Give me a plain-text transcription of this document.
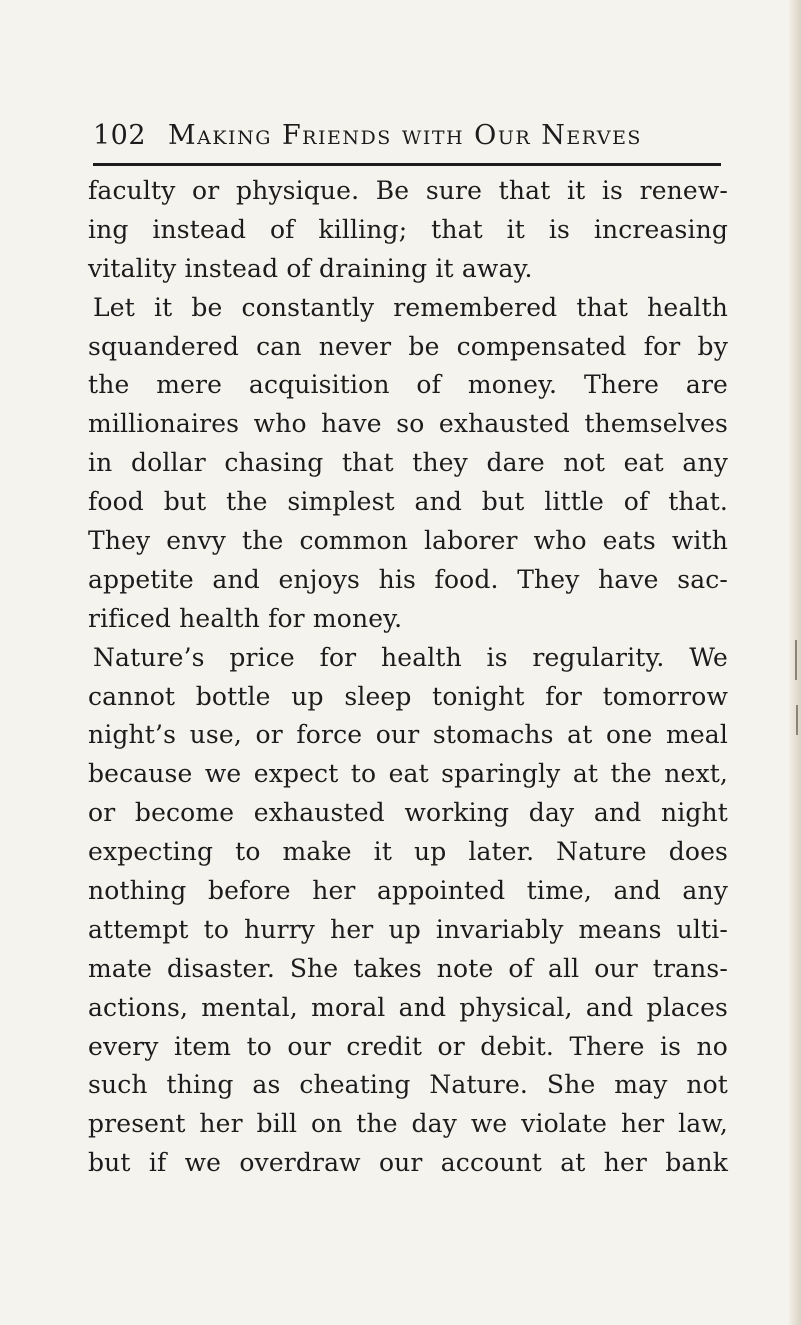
102 Making Friends with Our Nerves
faculty or physique. Be sure that it is renew-
ing instead of killing; that it is increasing
vitality instead of draining it away.
Let it be constantly remembered that health
squandered can never be compensated for by
the mere acquisition of money. There are
millionaires who have so exhausted themselves
in dollar chasing that they dare not eat any
food but the simplest and but little of that.
They envy the common laborer who eats with
appetite and enjoys his food. They have sac-
rificed health for money.
Nature’s price for health is regularity. We
cannot bottle up sleep tonight for tomorrow
night’s use, or force our stomachs at one meal
because we expect to eat sparingly at the next,
or become exhausted working day and night
expecting to make it up later. Nature does
nothing before her appointed time, and any
attempt to hurry her up invariably means ulti-
mate disaster. She takes note of all our trans-
actions, mental, moral and physical, and places
every item to our credit or debit. There is no
such thing as cheating Nature. She may not
present her bill on the day we violate her law,
but if we overdraw our account at her bank
